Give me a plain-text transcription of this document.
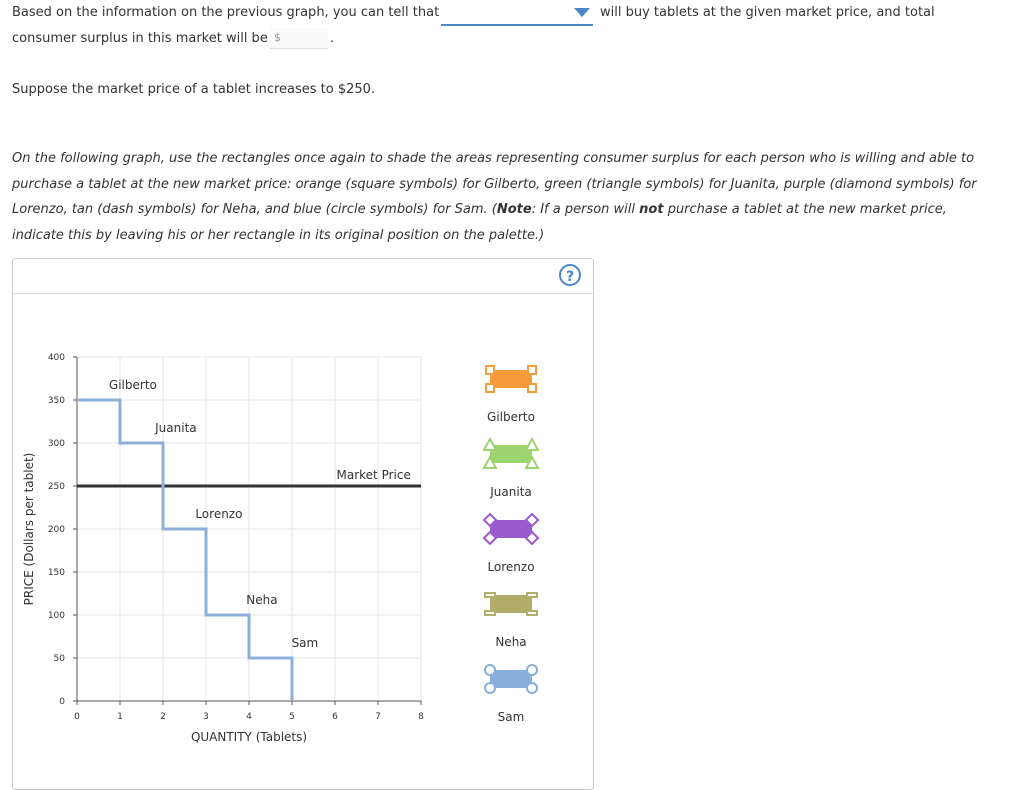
Based on the information on the previous graph, you can tell that	will buy tablets at the given market price, and total
consumer surplus in this market will be $	.
Suppose the market price of a tablet increases to $250.
On the following graph, use the rectangles once again to shade the areas representing consumer surplus for each person who is willing and able to purchase a tablet at the new market price: orange (square symbols) for Gilberto, green (triangle symbols) for Juanita, purple (diamond symbols) for Lorenzo, tan (dash symbols) for Neha, and blue (circle symbols) for Sam. (Note: If a person will not purchase a tablet at the new market price, indicate this by leaving his or her rectangle in its original position on the palette.)
?
0
50
100
150
200
250
300
350
400
0	1	2	3	4	5	6	7	8
QUANTITY (Tablets)
PRICE (Dollars per tablet)	Market Price
Gilberto
Juanita
Lorenzo
Neha
Sam
Gilberto
Juanita
Lorenzo
Neha
Sam
